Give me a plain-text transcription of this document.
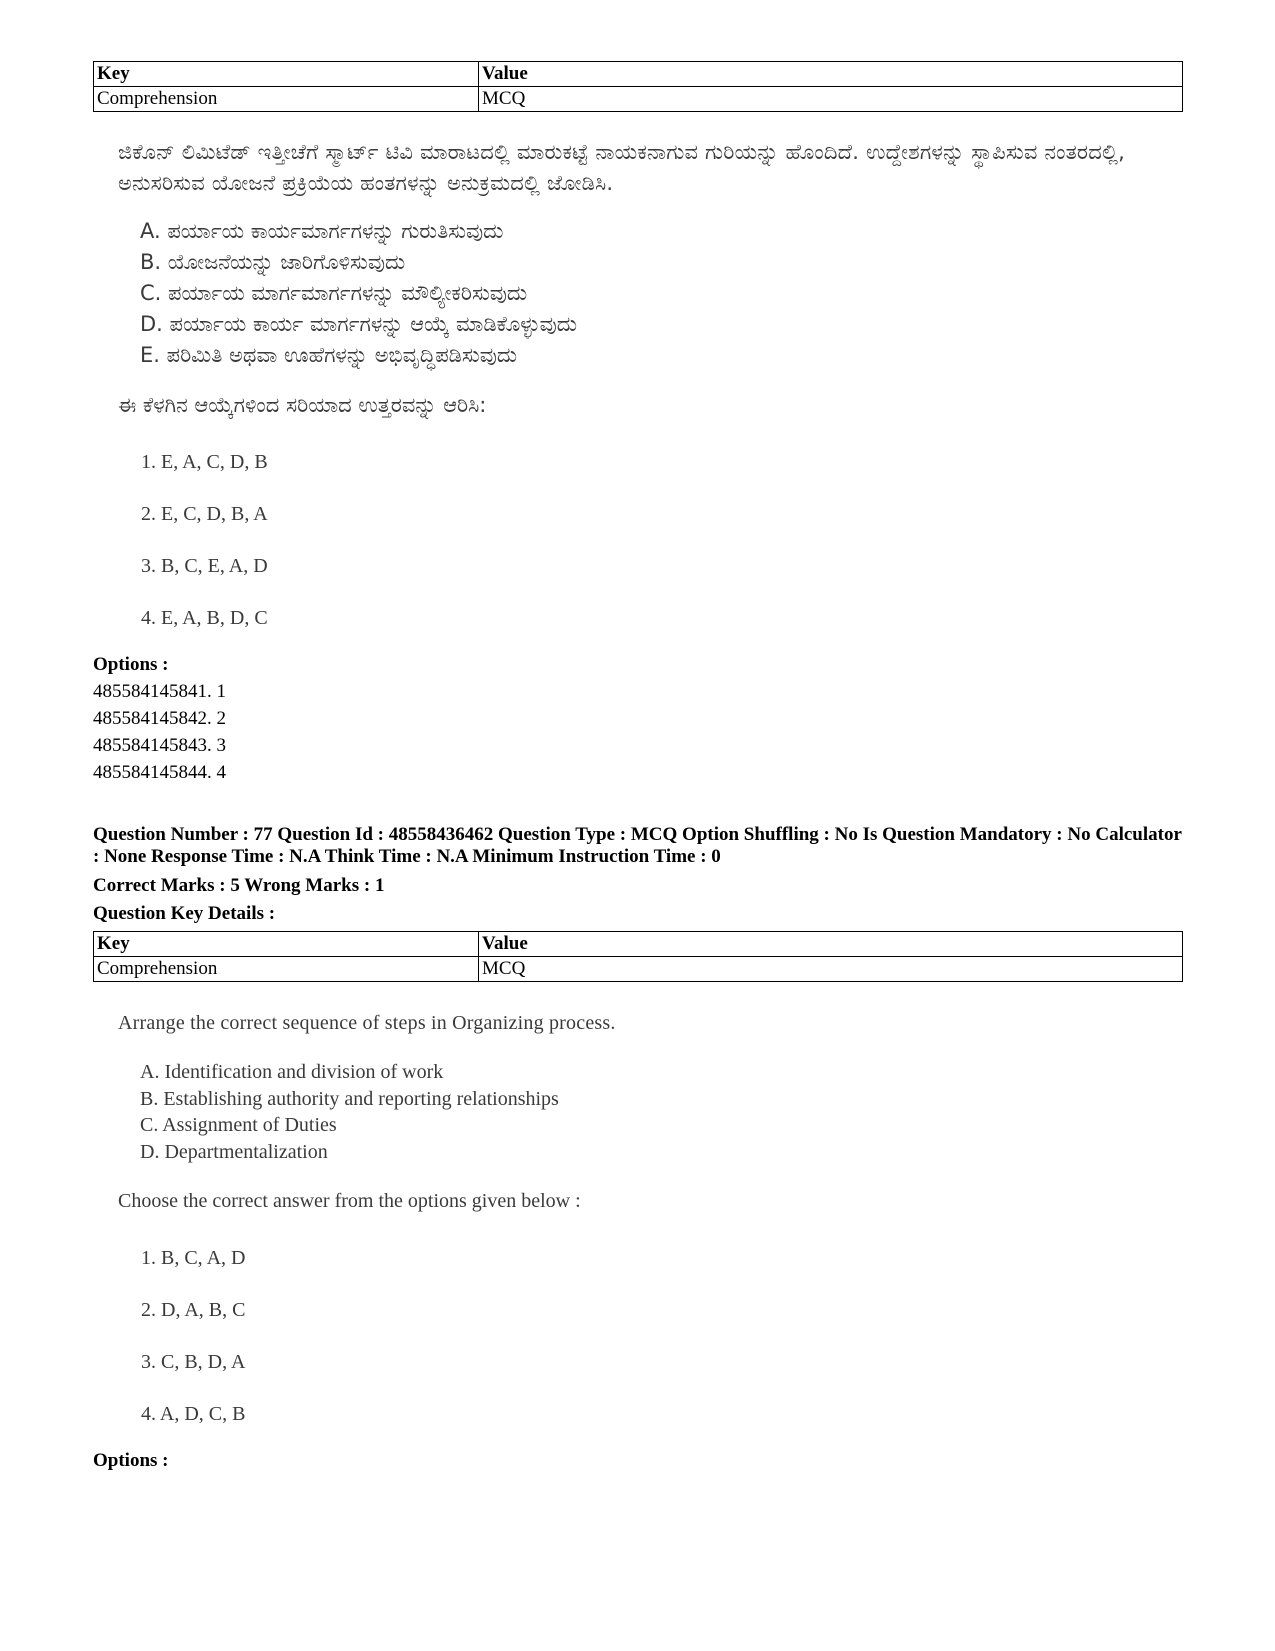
Key	Value
Comprehension	MCQ
ಜಿಕೊನ್ ಲಿಮಿಟೆಡ್ ಇತ್ತೀಚೆಗೆ ಸ್ಮಾರ್ಟ್ ಟಿವಿ ಮಾರಾಟದಲ್ಲಿ ಮಾರುಕಟ್ಟೆ ನಾಯಕನಾಗುವ ಗುರಿಯನ್ನು ಹೊಂದಿದೆ. ಉದ್ದೇಶಗಳನ್ನು ಸ್ಥಾಪಿಸುವ ನಂತರದಲ್ಲಿ, ಅನುಸರಿಸುವ ಯೋಜನೆ ಪ್ರಕ್ರಿಯೆಯ ಹಂತಗಳನ್ನು ಅನುಕ್ರಮದಲ್ಲಿ ಜೋಡಿಸಿ.
A. ಪರ್ಯಾಯ ಕಾರ್ಯಮಾರ್ಗಗಳನ್ನು ಗುರುತಿಸುವುದು
B. ಯೋಜನೆಯನ್ನು ಜಾರಿಗೊಳಿಸುವುದು
C. ಪರ್ಯಾಯ ಮಾರ್ಗಮಾರ್ಗಗಳನ್ನು ಮೌಲ್ಯೀಕರಿಸುವುದು
D. ಪರ್ಯಾಯ ಕಾರ್ಯ ಮಾರ್ಗಗಳನ್ನು ಆಯ್ಕೆ ಮಾಡಿಕೊಳ್ಳುವುದು
E. ಪರಿಮಿತಿ ಅಥವಾ ಊಹೆಗಳನ್ನು ಅಭಿವೃದ್ಧಿಪಡಿಸುವುದು
ಈ ಕೆಳಗಿನ ಆಯ್ಕೆಗಳಿಂದ ಸರಿಯಾದ ಉತ್ತರವನ್ನು ಆರಿಸಿ:
1. E, A, C, D, B
2. E, C, D, B, A
3. B, C, E, A, D
4. E, A, B, D, C
Options :
485584145841. 1
485584145842. 2
485584145843. 3
485584145844. 4
Question Number : 77 Question Id : 48558436462 Question Type : MCQ Option Shuffling : No Is Question Mandatory : No Calculator : None Response Time : N.A Think Time : N.A Minimum Instruction Time : 0
Correct Marks : 5 Wrong Marks : 1
Question Key Details :
Key	Value
Comprehension	MCQ
Arrange the correct sequence of steps in Organizing process.
A. Identification and division of work
B. Establishing authority and reporting relationships
C. Assignment of Duties
D. Departmentalization
Choose the correct answer from the options given below :
1. B, C, A, D
2. D, A, B, C
3. C, B, D, A
4. A, D, C, B
Options :
